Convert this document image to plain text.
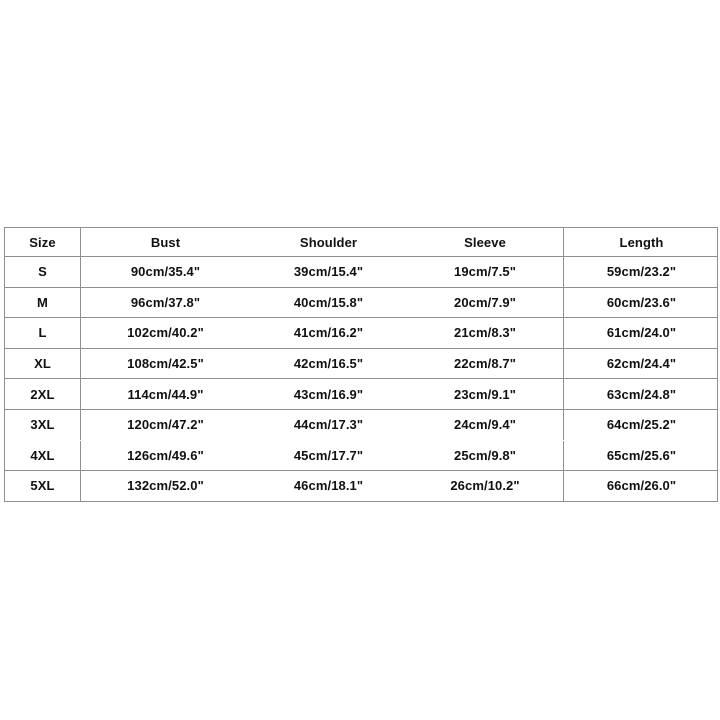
Size	Bust	Shoulder	Sleeve	Length
S	90cm/35.4"	39cm/15.4"	19cm/7.5"	59cm/23.2"
M	96cm/37.8"	40cm/15.8"	20cm/7.9"	60cm/23.6"
L	102cm/40.2"	41cm/16.2"	21cm/8.3"	61cm/24.0"
XL	108cm/42.5"	42cm/16.5"	22cm/8.7"	62cm/24.4"
2XL	114cm/44.9"	43cm/16.9"	23cm/9.1"	63cm/24.8"
3XL	120cm/47.2"	44cm/17.3"	24cm/9.4"	64cm/25.2"
4XL	126cm/49.6"	45cm/17.7"	25cm/9.8"	65cm/25.6"
5XL	132cm/52.0"	46cm/18.1"	26cm/10.2"	66cm/26.0"
